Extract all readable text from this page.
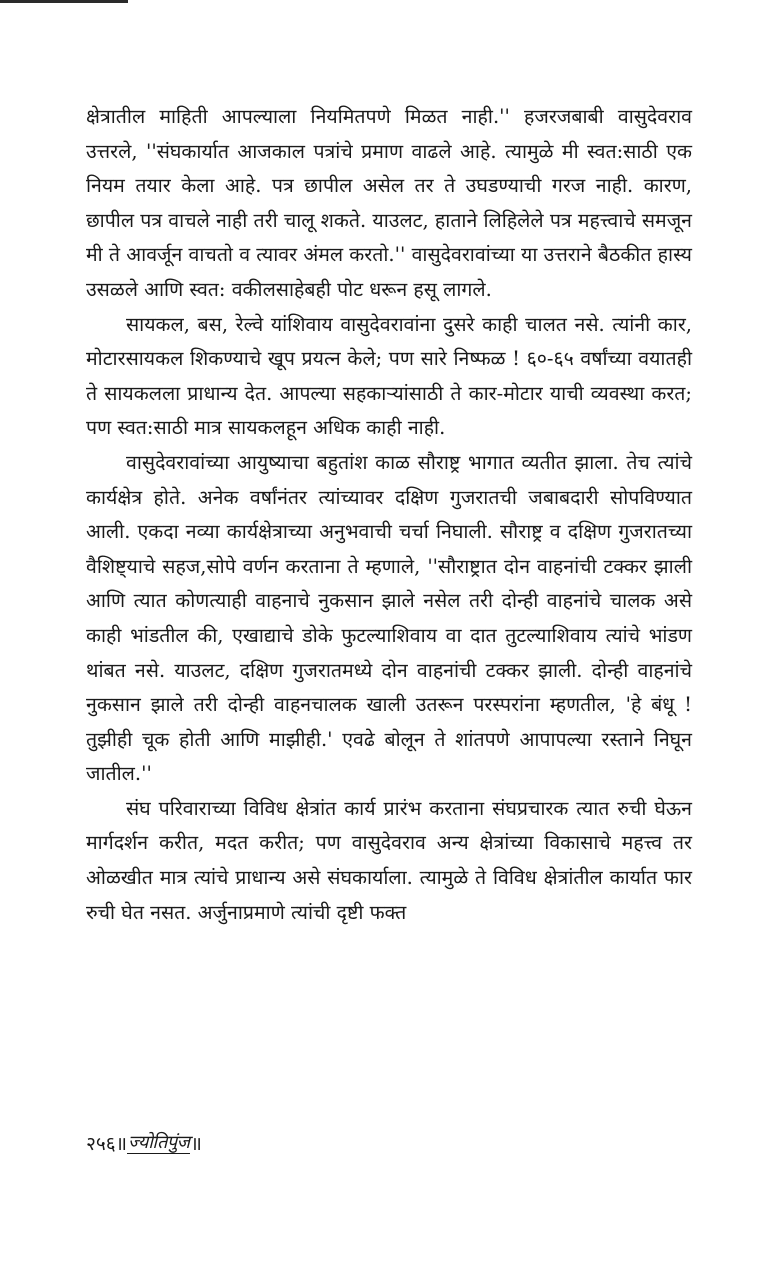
क्षेत्रातील माहिती आपल्याला नियमितपणे मिळत नाही.'' हजरजबाबी वासुदेवराव उत्तरले, ''संघकार्यात आजकाल पत्रांचे प्रमाण वाढले आहे. त्यामुळे मी स्वत:साठी एक नियम तयार केला आहे. पत्र छापील असेल तर ते उघडण्याची गरज नाही. कारण, छापील पत्र वाचले नाही तरी चालू शकते. याउलट, हाताने लिहिलेले पत्र महत्त्वाचे समजून मी ते आवर्जून वाचतो व त्यावर अंमल करतो.'' वासुदेवरावांच्या या उत्तराने बैठकीत हास्य उसळले आणि स्वत: वकीलसाहेबही पोट धरून हसू लागले.

सायकल, बस, रेल्वे यांशिवाय वासुदेवरावांना दुसरे काही चालत नसे. त्यांनी कार, मोटारसायकल शिकण्याचे खूप प्रयत्न केले; पण सारे निष्फळ ! ६०-६५ वर्षांच्या वयातही ते सायकलला प्राधान्य देत. आपल्या सहकाऱ्यांसाठी ते कार-मोटार याची व्यवस्था करत; पण स्वत:साठी मात्र सायकलहून अधिक काही नाही.

वासुदेवरावांच्या आयुष्याचा बहुतांश काळ सौराष्ट्र भागात व्यतीत झाला. तेच त्यांचे कार्यक्षेत्र होते. अनेक वर्षांनंतर त्यांच्यावर दक्षिण गुजरातची जबाबदारी सोपविण्यात आली. एकदा नव्या कार्यक्षेत्राच्या अनुभवाची चर्चा निघाली. सौराष्ट्र व दक्षिण गुजरातच्या वैशिष्ट्याचे सहज,सोपे वर्णन करताना ते म्हणाले, ''सौराष्ट्रात दोन वाहनांची टक्कर झाली आणि त्यात कोणत्याही वाहनाचे नुकसान झाले नसेल तरी दोन्ही वाहनांचे चालक असे काही भांडतील की, एखाद्याचे डोके फुटल्याशिवाय वा दात तुटल्याशिवाय त्यांचे भांडण थांबत नसे. याउलट, दक्षिण गुजरातमध्ये दोन वाहनांची टक्कर झाली. दोन्ही वाहनांचे नुकसान झाले तरी दोन्ही वाहनचालक खाली उतरून परस्परांना म्हणतील, 'हे बंधू ! तुझीही चूक होती आणि माझीही.' एवढे बोलून ते शांतपणे आपापल्या रस्ताने निघून जातील.''

संघ परिवाराच्या विविध क्षेत्रांत कार्य प्रारंभ करताना संघप्रचारक त्यात रुची घेऊन मार्गदर्शन करीत, मदत करीत; पण वासुदेवराव अन्य क्षेत्रांच्या विकासाचे महत्त्व तर ओळखीत मात्र त्यांचे प्राधान्य असे संघकार्याला. त्यामुळे ते विविध क्षेत्रांतील कार्यात फार रुची घेत नसत. अर्जुनाप्रमाणे त्यांची दृष्टी फक्त

२५६ ॥ ज्योतिपुंज ॥
